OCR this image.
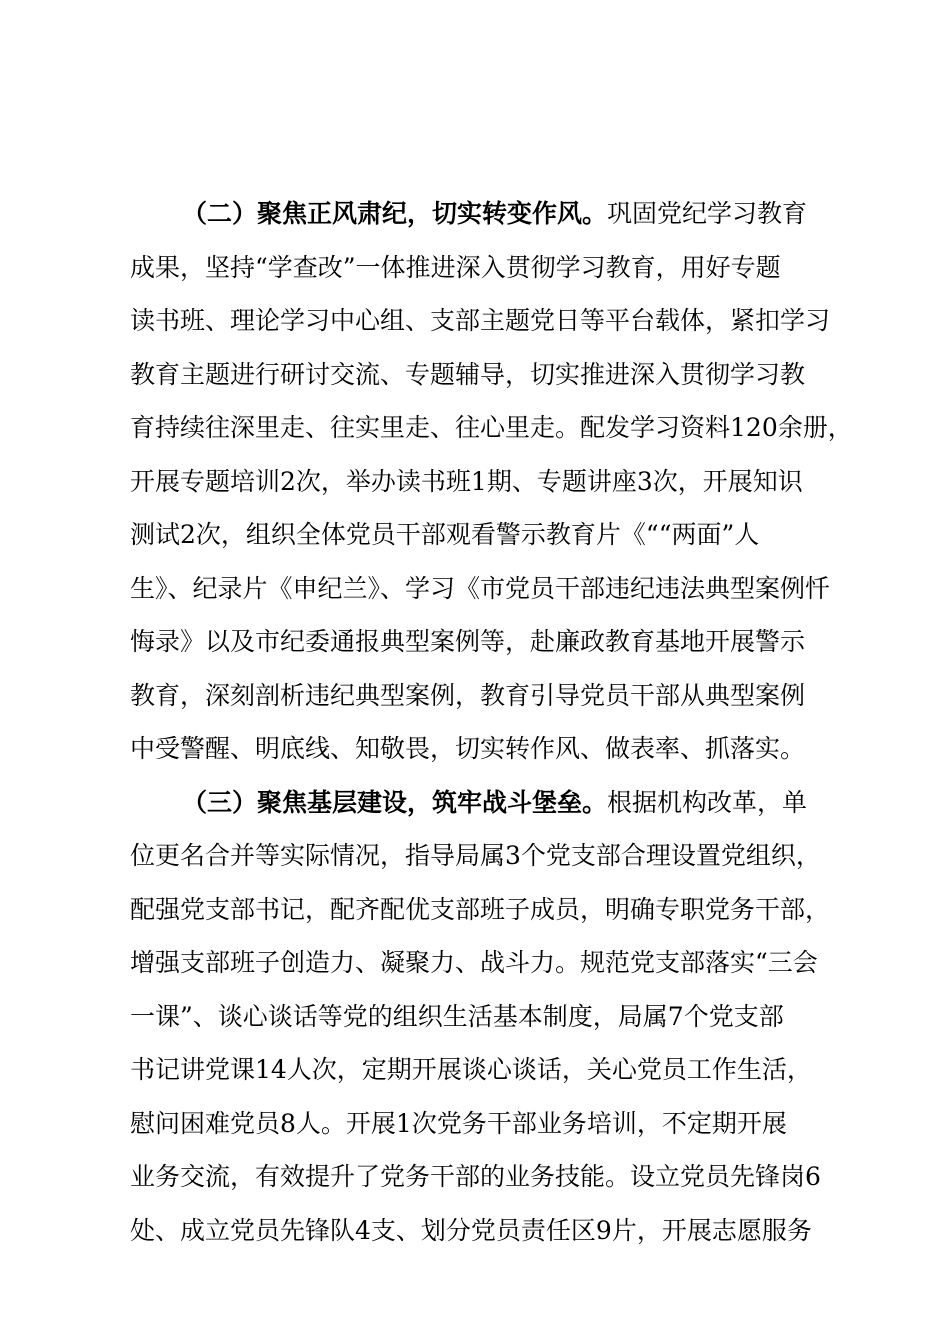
（二）聚焦正风肃纪，切实转变作风。巩固党纪学习教育
成果，坚持“学查改”一体推进深入贯彻学习教育，用好专题
读书班、理论学习中心组、支部主题党日等平台载体，紧扣学习
教育主题进行研讨交流、专题辅导，切实推进深入贯彻学习教
育持续往深里走、往实里走、往心里走。配发学习资料120余册，
开展专题培训2次，举办读书班1期、专题讲座3次，开展知识
测试2次，组织全体党员干部观看警示教育片《““两面”人
生》、纪录片《申纪兰》、学习《市党员干部违纪违法典型案例忏
悔录》以及市纪委通报典型案例等，赴廉政教育基地开展警示
教育，深刻剖析违纪典型案例，教育引导党员干部从典型案例
中受警醒、明底线、知敬畏，切实转作风、做表率、抓落实。
（三）聚焦基层建设，筑牢战斗堡垒。根据机构改革，单
位更名合并等实际情况，指导局属3个党支部合理设置党组织，
配强党支部书记，配齐配优支部班子成员，明确专职党务干部，
增强支部班子创造力、凝聚力、战斗力。规范党支部落实“三会
一课”、谈心谈话等党的组织生活基本制度，局属7个党支部
书记讲党课14人次，定期开展谈心谈话，关心党员工作生活，
慰问困难党员8人。开展1次党务干部业务培训，不定期开展
业务交流，有效提升了党务干部的业务技能。设立党员先锋岗6
处、成立党员先锋队4支、划分党员责任区9片，开展志愿服务
